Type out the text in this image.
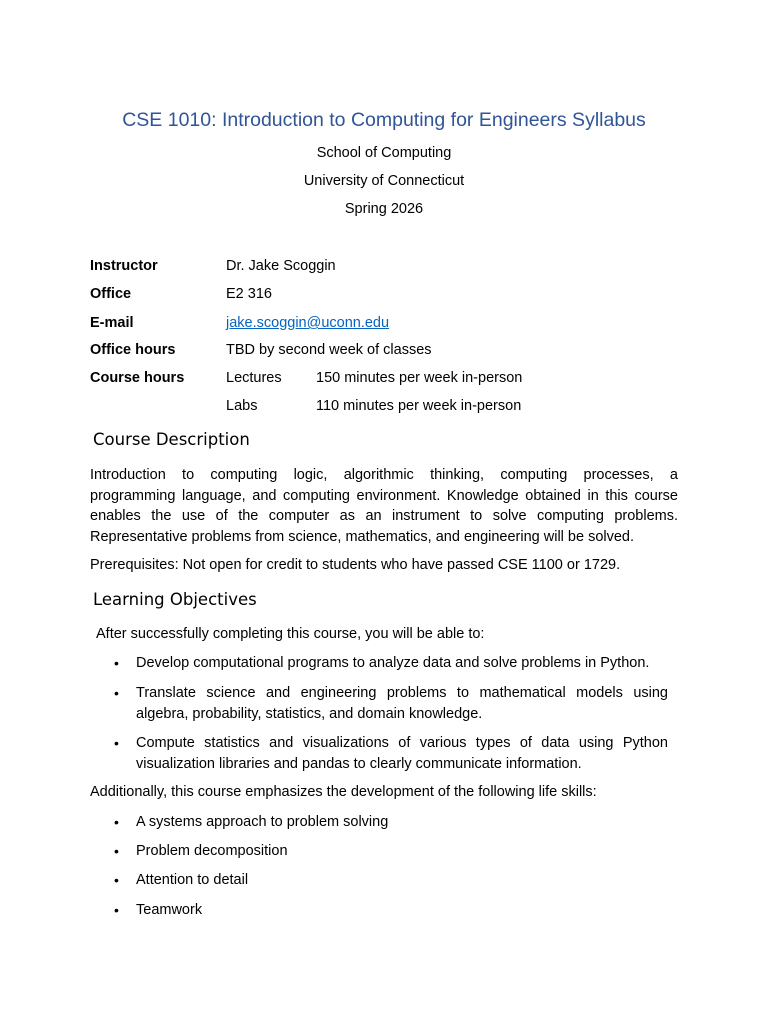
CSE 1010: Introduction to Computing for Engineers Syllabus
School of Computing
University of Connecticut
Spring 2026
Instructor	Dr. Jake Scoggin
Office	E2 316
E-mail	jake.scoggin@uconn.edu
Office hours	TBD by second week of classes
Course hours	Lectures 150 minutes per week in-person
Labs	110 minutes per week in-person
Course Description
Introduction to computing logic, algorithmic thinking, computing processes, a
programming language, and computing environment. Knowledge obtained in this course
enables the use of the computer as an instrument to solve computing problems.
Representative problems from science, mathematics, and engineering will be solved.
Prerequisites: Not open for credit to students who have passed CSE 1100 or 1729.
Learning Objectives
After successfully completing this course, you will be able to:
• Develop computational programs to analyze data and solve problems in Python.
• Translate science and engineering problems to mathematical models using
algebra, probability, statistics, and domain knowledge.
• Compute statistics and visualizations of various types of data using Python
visualization libraries and pandas to clearly communicate information.
Additionally, this course emphasizes the development of the following life skills:
• A systems approach to problem solving
• Problem decomposition
• Attention to detail
• Teamwork
